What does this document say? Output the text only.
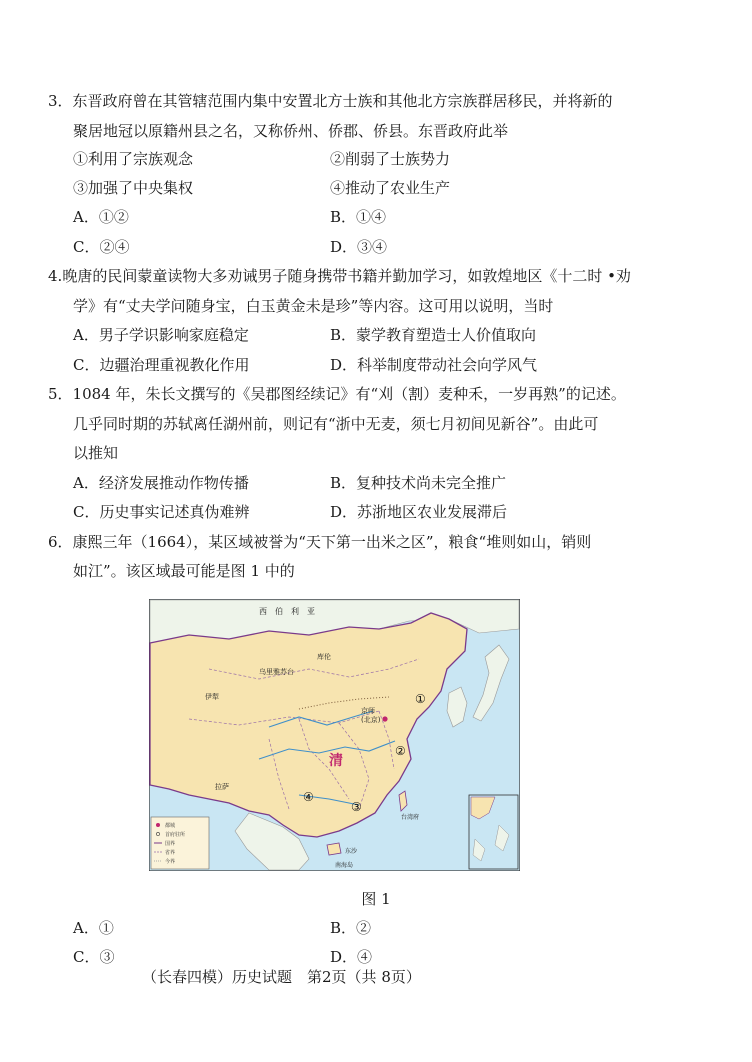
3．东晋政府曾在其管辖范围内集中安置北方士族和其他北方宗族群居移民，并将新的
聚居地冠以原籍州县之名，又称侨州、侨郡、侨县。东晋政府此举
①利用了宗族观念	②削弱了士族势力
③加强了中央集权	④推动了农业生产
A．①②	B．①④
C．②④	D．③④
4.晚唐的民间蒙童读物大多劝诫男子随身携带书籍并勤加学习，如敦煌地区《十二时 •劝
学》有“丈夫学问随身宝，白玉黄金未是珍”等内容。这可用以说明，当时
A．男子学识影响家庭稳定	B．蒙学教育塑造士人价值取向
C．边疆治理重视教化作用	D．科举制度带动社会向学风气
5．1084 年，朱长文撰写的《吴郡图经续记》有“刈（割）麦种禾，一岁再熟”的记述。
几乎同时期的苏轼离任湖州前，则记有“浙中无麦，须七月初间见新谷”。由此可
以推知
A．经济发展推动作物传播	B．复种技术尚未完全推广
C．历史事实记述真伪难辨	D．苏浙地区农业发展滞后
6．康熙三年（1664），某区域被誉为“天下第一出米之区”，粮食“堆则如山，销则
如江”。该区域最可能是图 1 中的
西　伯　利　亚
乌里雅苏台
库伦
伊犁
拉萨
清
京师
(北京)
台湾府
东沙
南海岛
①
②
③
④
都城
首府驻所
国界
省界
今界
图 1
A．①	B．②
C．③	D．④
（长春四模）历史试题　第2页（共 8页）
